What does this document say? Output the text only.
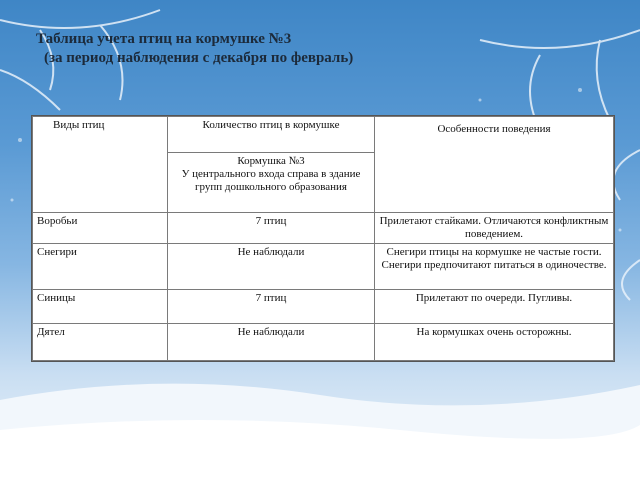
Таблица учета птиц на кормушке №3
(за период наблюдения с декабря по февраль)
Виды птиц	Количество птиц в кормушке	Особенности поведения

	Кормушка №3
У центрального входа справа в здание групп дошкольного образования	

Воробьи	7 птиц	Прилетают стайками. Отличаются конфликтным поведением.
Снегири	Не наблюдали	Снегири птицы на кормушке не частые гости. Снегири предпочитают питаться в одиночестве.
Синицы	7 птиц	Прилетают по очереди. Пугливы.
Дятел	Не наблюдали	На кормушках очень осторожны.
